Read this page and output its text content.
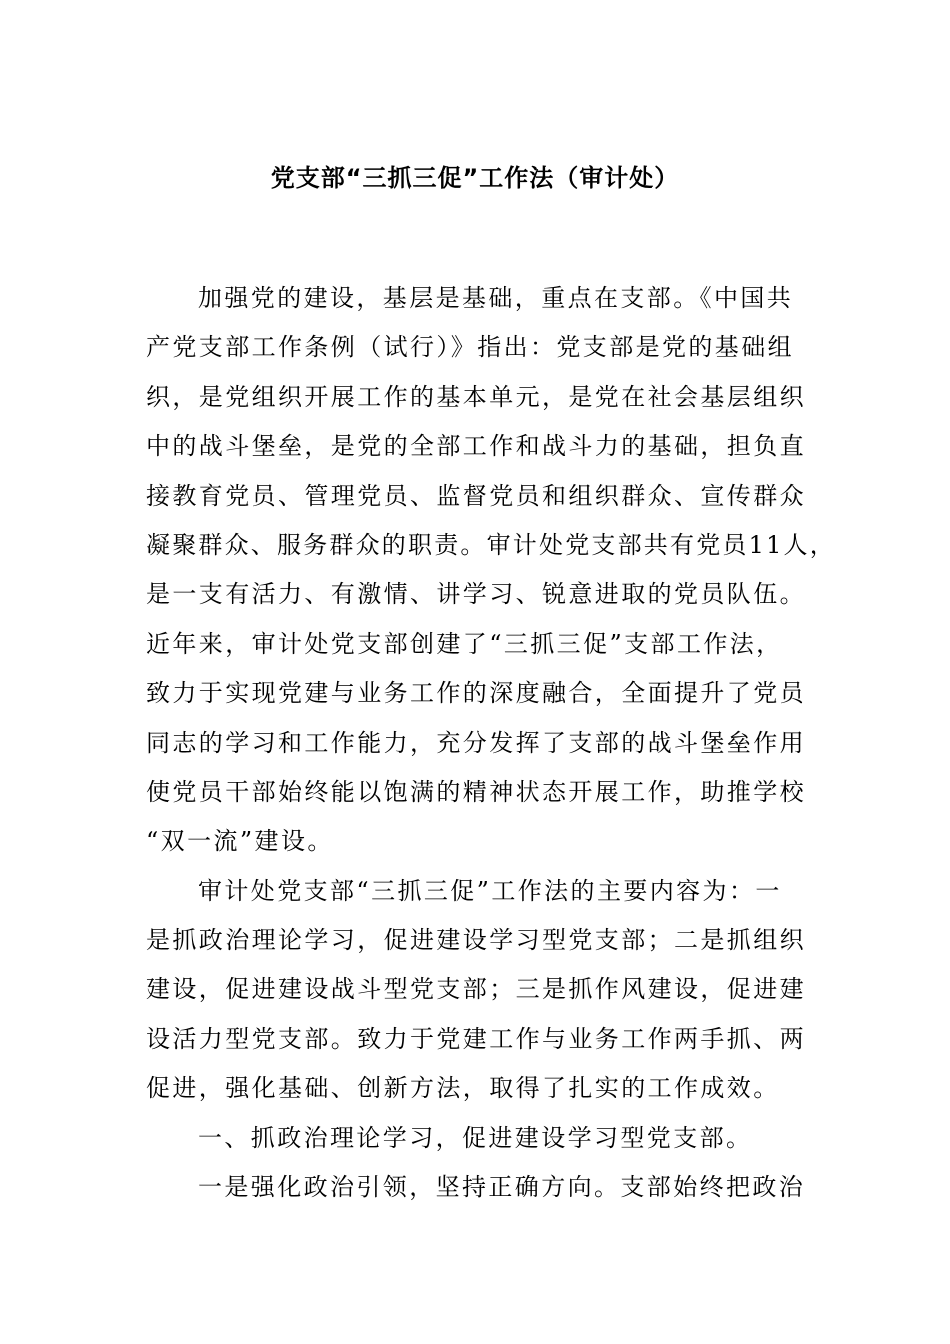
党支部“三抓三促”工作法（审计处）
加强党的建设，基层是基础，重点在支部。《中国共
产党支部工作条例（试行）》指出：党支部是党的基础组
织，是党组织开展工作的基本单元，是党在社会基层组织
中的战斗堡垒，是党的全部工作和战斗力的基础，担负直
接教育党员、管理党员、监督党员和组织群众、宣传群众
凝聚群众、服务群众的职责。审计处党支部共有党员11人，
是一支有活力、有激情、讲学习、锐意进取的党员队伍。
近年来，审计处党支部创建了“三抓三促”支部工作法，
致力于实现党建与业务工作的深度融合，全面提升了党员
同志的学习和工作能力，充分发挥了支部的战斗堡垒作用
使党员干部始终能以饱满的精神状态开展工作，助推学校
“双一流”建设。
审计处党支部“三抓三促”工作法的主要内容为：一
是抓政治理论学习，促进建设学习型党支部；二是抓组织
建设，促进建设战斗型党支部；三是抓作风建设，促进建
设活力型党支部。致力于党建工作与业务工作两手抓、两
促进，强化基础、创新方法，取得了扎实的工作成效。
一、抓政治理论学习，促进建设学习型党支部。
一是强化政治引领，坚持正确方向。支部始终把政治
